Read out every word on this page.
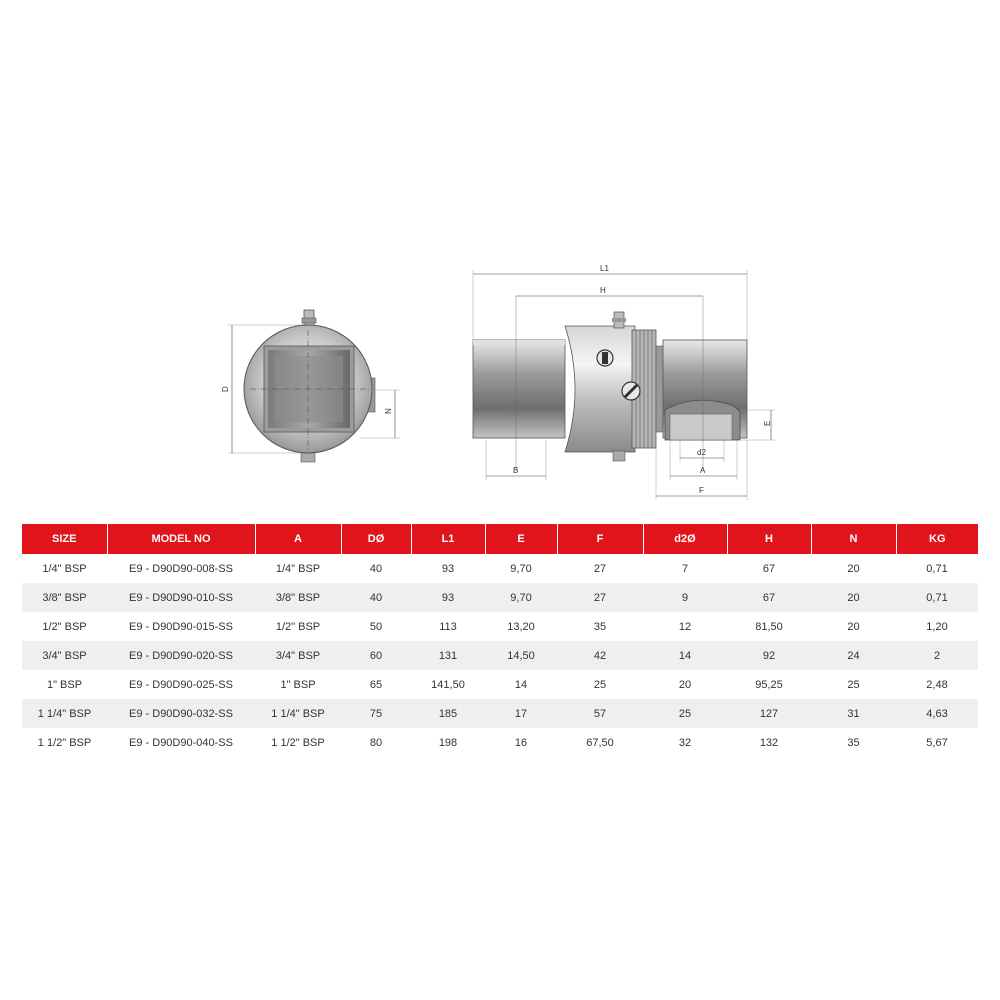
D
N
L1
H
B
E
d2
A
F
SIZE	MODEL NO	A	DØ	L1	E	F	d2Ø	H	N	KG
1/4" BSP	E9 - D90D90-008-SS	1/4" BSP	40	93	9,70	27	7	67	20	0,71
3/8" BSP	E9 - D90D90-010-SS	3/8" BSP	40	93	9,70	27	9	67	20	0,71
1/2" BSP	E9 - D90D90-015-SS	1/2" BSP	50	113	13,20	35	12	81,50	20	1,20
3/4" BSP	E9 - D90D90-020-SS	3/4" BSP	60	131	14,50	42	14	92	24	2
1" BSP	E9 - D90D90-025-SS	1" BSP	65	141,50	14	25	20	95,25	25	2,48
1 1/4" BSP	E9 - D90D90-032-SS	1 1/4" BSP	75	185	17	57	25	127	31	4,63
1 1/2" BSP	E9 - D90D90-040-SS	1 1/2" BSP	80	198	16	67,50	32	132	35	5,67
